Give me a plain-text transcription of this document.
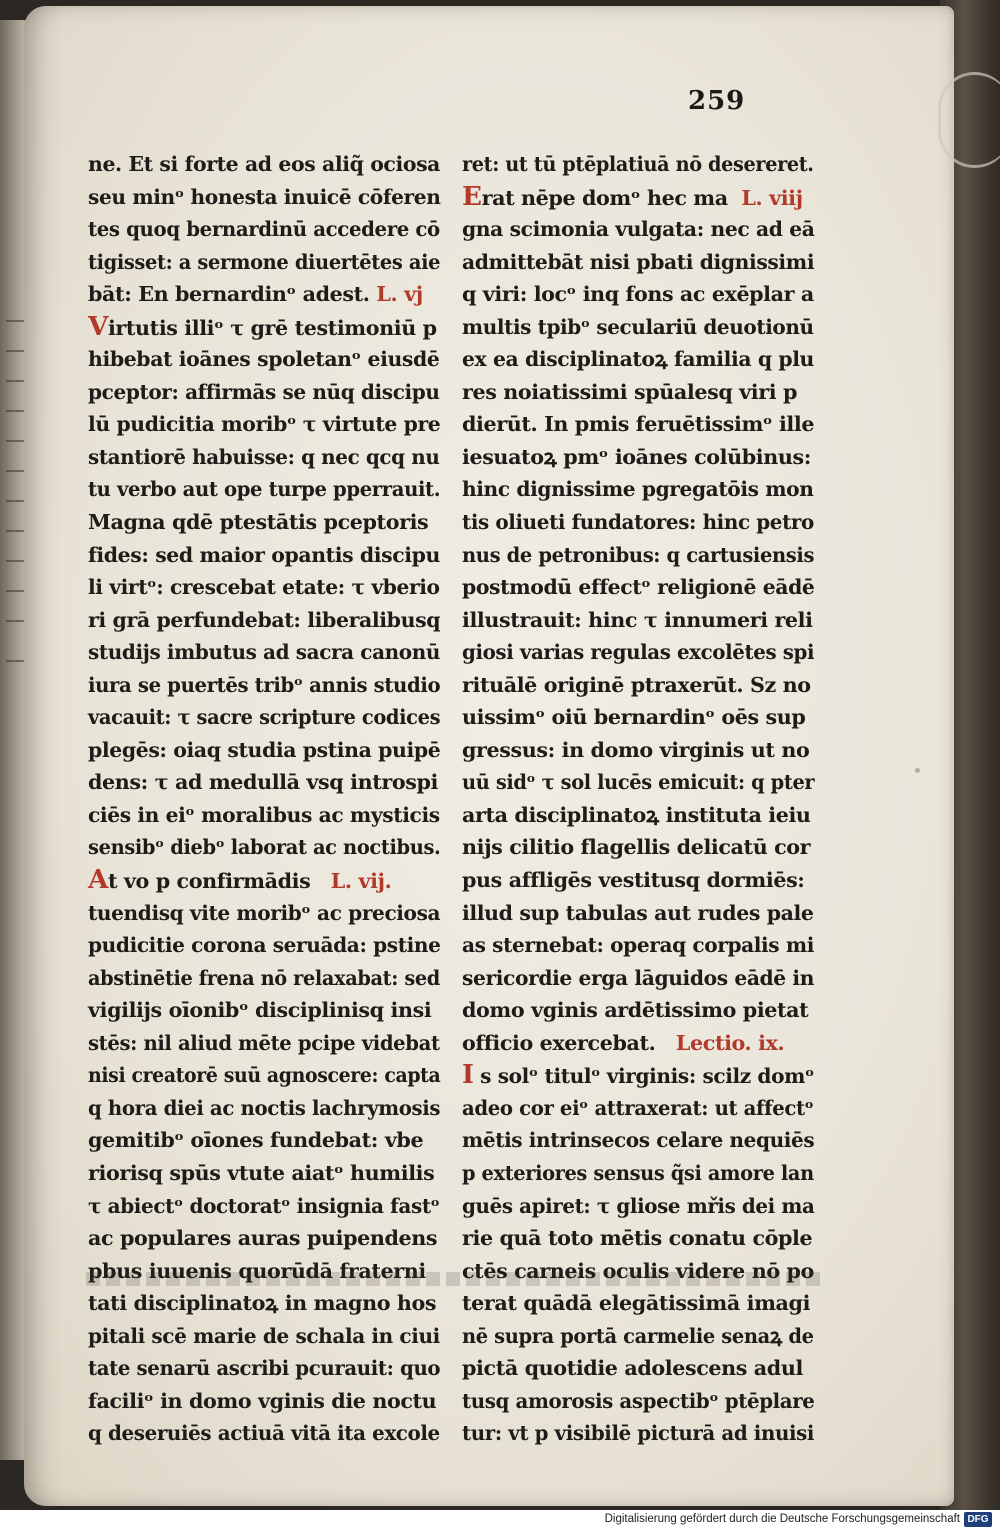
259
ne. Et si forte ad eos aliq̃ ociosa
seu minᵒ honesta inuicē cōferen
tes quoq bernardinū accedere cō
tigisset: a sermone diuertētes aie
bāt: En bernardinᵒ adest. L. vj
Virtutis illiᵒ τ grē testimoniū p
hibebat ioānes spoletanᵒ eiusdē
pceptor: affirmās se nūq discipu
lū pudicitia moribᵒ τ virtute pre
stantiorē habuisse: q nec qcq nu
tu verbo aut ope turpe pperrauit.
Magna qdē ptestātis pceptoris
fides: sed maior opantis discipu
li virtᵒ: crescebat etate: τ vberio
ri grā perfundebat: liberalibusq
studijs imbutus ad sacra canonū
iura se puertēs tribᵒ annis studio
vacauit: τ sacre scripture codices
plegēs: oiaq studia pstina puipē
dens: τ ad medullā vsq introspi
ciēs in eiᵒ moralibus ac mysticis
sensibᵒ diebᵒ laborat ac noctibus.
At vo p confirmādis L. vij.
tuendisq vite moribᵒ ac preciosa
pudicitie corona seruāda: pstine
abstinētie frena nō relaxabat: sed
vigilijs oīonibᵒ disciplinisq insi
stēs: nil aliud mēte pcipe videbat
nisi creatorē suū agnoscere: capta
q hora diei ac noctis lachrymosis
gemitibᵒ oīones fundebat: vbe
riorisq spūs vtute aiatᵒ humilis
τ abiectᵒ doctoratᵒ insignia fastᵒ
ac populares auras puipendens
pbus iuuenis quorūdā fraterni
tati disciplinatoꝝ in magno hos
pitali scē marie de schala in ciui
tate senarū ascribi pcurauit: quo
faciliᵒ in domo vginis die noctu
q deseruiēs actiuā vitā ita excole
ret: ut tū ptēplatiuā nō desereret.
Erat nēpe domᵒ hec ma L. viij
gna scimonia vulgata: nec ad eā
admittebāt nisi pbati dignissimi
q viri: locᵒ inq fons ac exēplar a
multis tpibᵒ seculariū deuotionū
ex ea disciplinatoꝝ familia q plu
res noiatissimi spūalesq viri p
dierūt. In pmis feruētissimᵒ ille
iesuatoꝝ pmᵒ ioānes colūbinus:
hinc dignissime pgregatōis mon
tis oliueti fundatores: hinc petro
nus de petronibus: q cartusiensis
postmodū effectᵒ religionē eādē
illustrauit: hinc τ innumeri reli
giosi varias regulas excolētes spi
rituālē originē ptraxerūt. Sz no
uissimᵒ oiū bernardinᵒ oēs sup
gressus: in domo virginis ut no
uū sidᵒ τ sol lucēs emicuit: q pter
arta disciplinatoꝝ instituta ieiu
nijs cilitio flagellis delicatū cor
pus affligēs vestitusq dormiēs:
illud sup tabulas aut rudes pale
as sternebat: operaq corpalis mi
sericordie erga lāguidos eādē in
domo vginis ardētissimo pietat
officio exercebat. Lectio. ix.
I s solᵒ titulᵒ virginis: scilz domᵒ
adeo cor eiᵒ attraxerat: ut affectᵒ
mētis intrinsecos celare nequiēs
p exteriores sensus q̃si amore lan
guēs apiret: τ gliose mřis dei ma
rie quā toto mētis conatu cōple
ctēs carneis oculis videre nō po
terat quādā elegātissimā imagi
nē supra portā carmelie senaꝝ de
pictā quotidie adolescens adul
tusq amorosis aspectibᵒ ptēplare
tur: vt p visibilē picturā ad inuisi
Digitalisierung gefördert durch die Deutsche Forschungsgemeinschaft DFG
